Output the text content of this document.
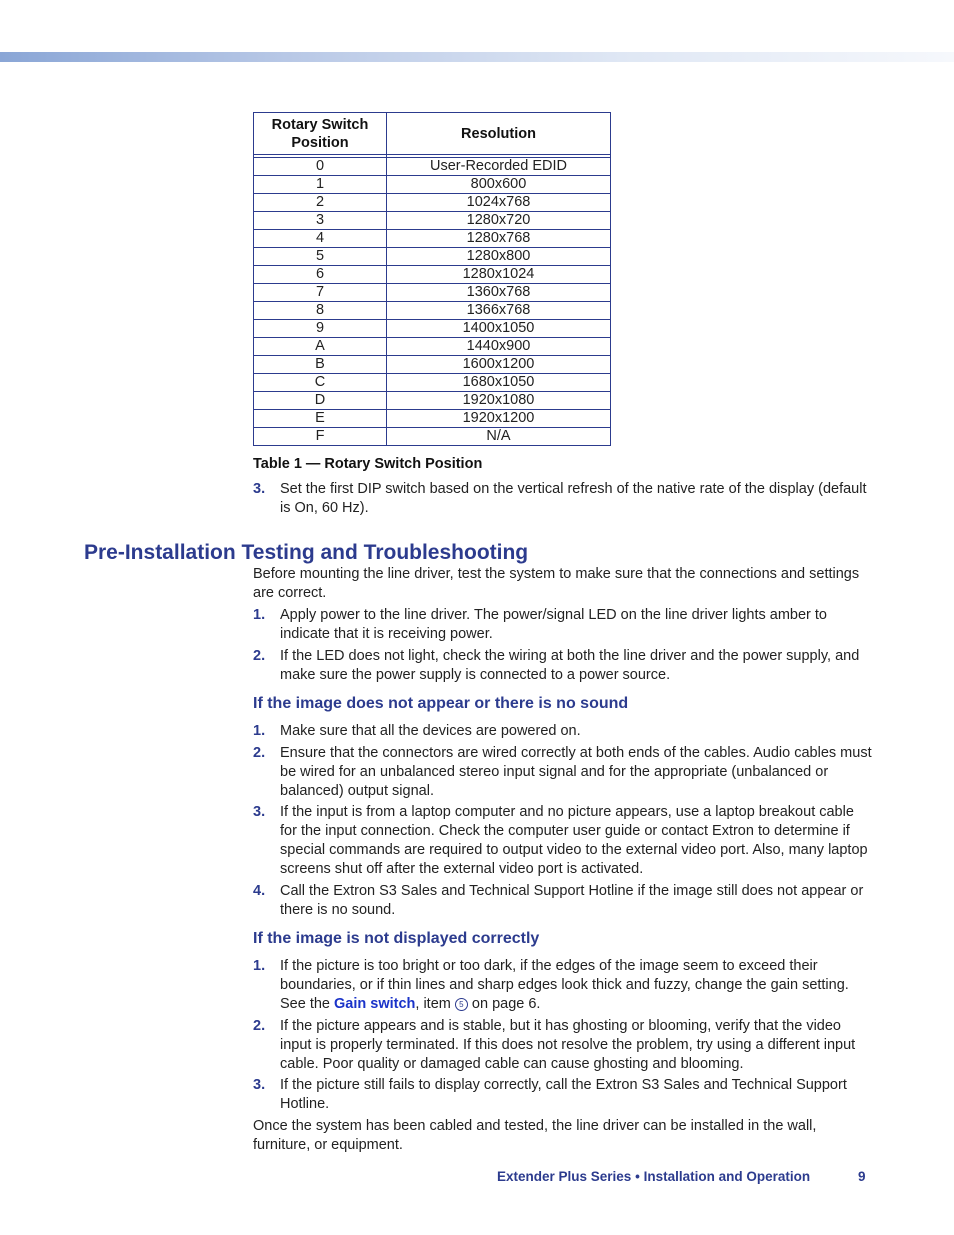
Rotary Switch Position	Resolution

0	User-Recorded EDID
1	800x600
2	1024x768
3	1280x720
4	1280x768
5	1280x800
6	1280x1024
7	1360x768
8	1366x768
9	1400x1050
A	1440x900
B	1600x1200
C	1680x1050
D	1920x1080
E	1920x1200
F	N/A
Table 1 — Rotary Switch Position
3. Set the first DIP switch based on the vertical refresh of the native rate of the display (default is On, 60 Hz).
Pre-Installation Testing and Troubleshooting
Before mounting the line driver, test the system to make sure that the connections and settings are correct.
1. Apply power to the line driver. The power/signal LED on the line driver lights amber to indicate that it is receiving power.
2. If the LED does not light, check the wiring at both the line driver and the power supply, and make sure the power supply is connected to a power source.
If the image does not appear or there is no sound
1. Make sure that all the devices are powered on.
2. Ensure that the connectors are wired correctly at both ends of the cables. Audio cables must be wired for an unbalanced stereo input signal and for the appropriate (unbalanced or balanced) output signal.
3. If the input is from a laptop computer and no picture appears, use a laptop breakout cable for the input connection. Check the computer user guide or contact Extron to determine if special commands are required to output video to the external video port. Also, many laptop screens shut off after the external video port is activated.
4. Call the Extron S3 Sales and Technical Support Hotline if the image still does not appear or there is no sound.
If the image is not displayed correctly
1. If the picture is too bright or too dark, if the edges of the image seem to exceed their boundaries, or if thin lines and sharp edges look thick and fuzzy, change the gain setting. See the Gain switch, item 5 on page 6.
2. If the picture appears and is stable, but it has ghosting or blooming, verify that the video input is properly terminated. If this does not resolve the problem, try using a different input cable. Poor quality or damaged cable can cause ghosting and blooming.
3. If the picture still fails to display correctly, call the Extron S3 Sales and Technical Support Hotline.
Once the system has been cabled and tested, the line driver can be installed in the wall, furniture, or equipment.
Extender Plus Series • Installation and Operation	9
